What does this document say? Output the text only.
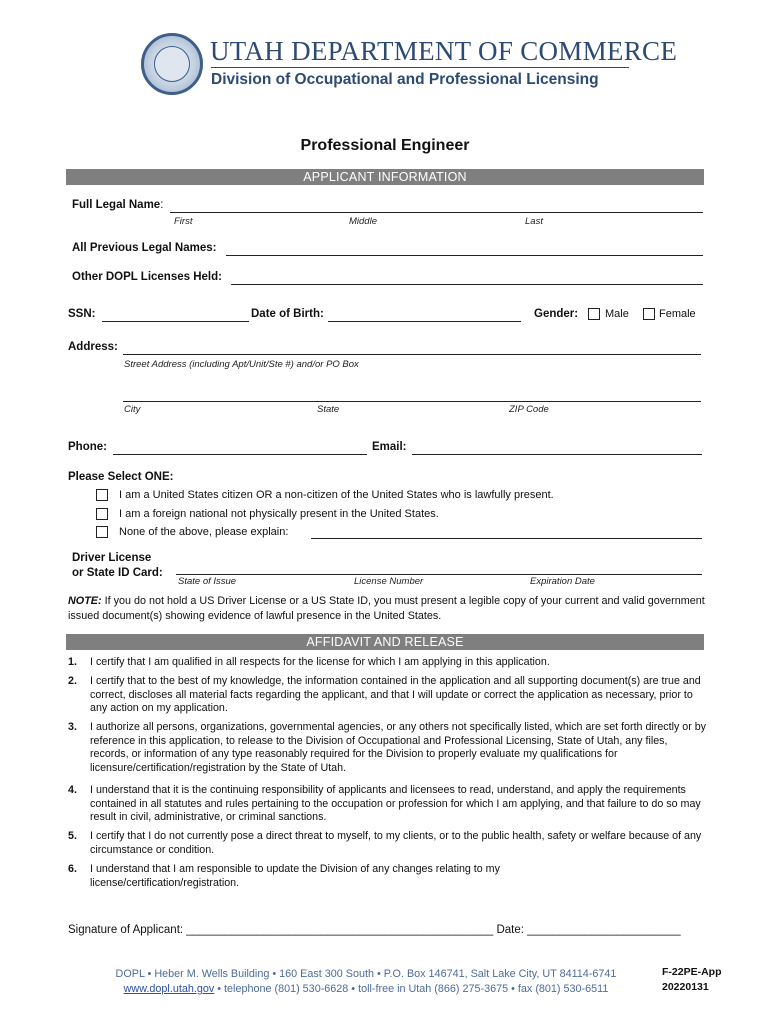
UTAH DEPARTMENT OF COMMERCE
Division of Occupational and Professional Licensing
Professional Engineer
APPLICANT INFORMATION
Full Legal Name:
First	Middle	Last
All Previous Legal Names:
Other DOPL Licenses Held:
SSN:	Date of Birth:	Gender: Male	Female
Address:
Street Address (including Apt/Unit/Ste #) and/or PO Box
City	State	ZIP Code
Phone:	Email:
Please Select ONE:
I am a United States citizen OR a non-citizen of the United States who is lawfully present.
I am a foreign national not physically present in the United States.
None of the above, please explain:
Driver License
or State ID Card:
State of Issue	License Number	Expiration Date
NOTE: If you do not hold a US Driver License or a US State ID, you must present a legible copy of your current and valid government issued document(s) showing evidence of lawful presence in the United States.
AFFIDAVIT AND RELEASE
1. I certify that I am qualified in all respects for the license for which I am applying in this application.
2. I certify that to the best of my knowledge, the information contained in the application and all supporting document(s) are true and correct, discloses all material facts regarding the applicant, and that I will update or correct the application as necessary, prior to any action on my application.
3. I authorize all persons, organizations, governmental agencies, or any others not specifically listed, which are set forth directly or by reference in this application, to release to the Division of Occupational and Professional Licensing, State of Utah, any files, records, or information of any type reasonably required for the Division to properly evaluate my qualifications for licensure/certification/registration by the State of Utah.
4. I understand that it is the continuing responsibility of applicants and licensees to read, understand, and apply the requirements contained in all statutes and rules pertaining to the occupation or profession for which I am applying, and that failure to do so may result in civil, administrative, or criminal sanctions.
5. I certify that I do not currently pose a direct threat to myself, to my clients, or to the public health, safety or welfare because of any circumstance or condition.
6. I understand that I am responsible to update the Division of any changes relating to my license/certification/registration.
Signature of Applicant: ________________________________________________ Date: ________________________
DOPL • Heber M. Wells Building • 160 East 300 South • P.O. Box 146741, Salt Lake City, UT 84114-6741
www.dopl.utah.gov • telephone (801) 530-6628 • toll-free in Utah (866) 275-3675 • fax (801) 530-6511
F-22PE-App
20220131
